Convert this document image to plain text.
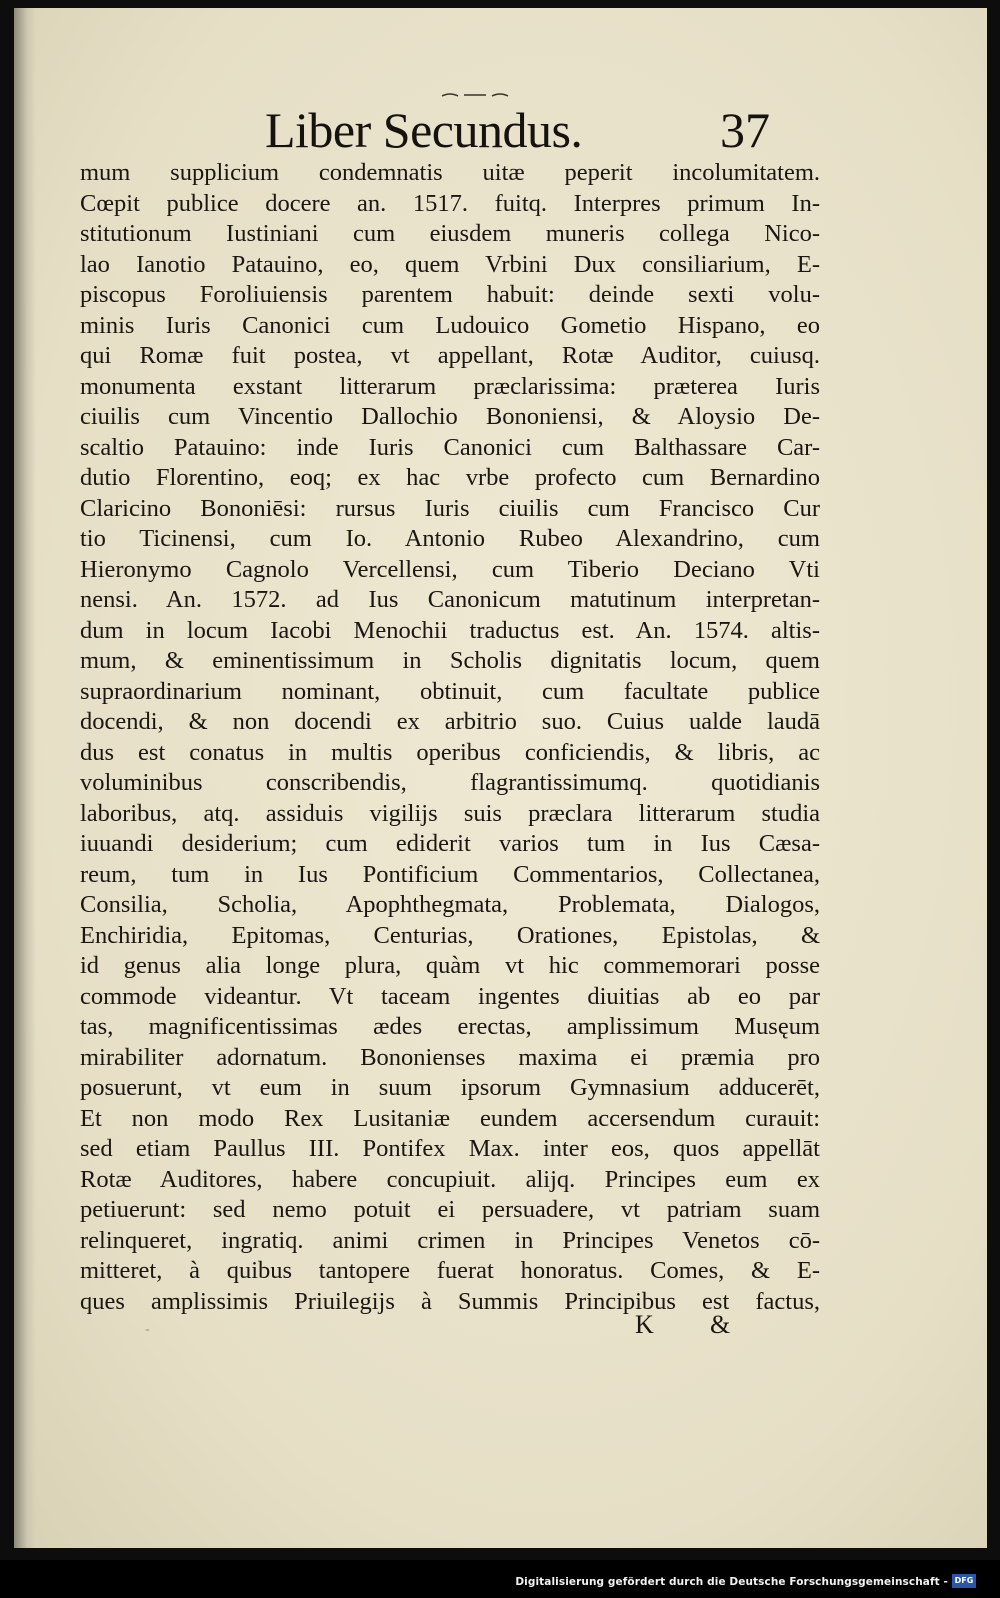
Liber Secundus.	37
mum supplicium condemnatis uitæ peperit incolumitatem.
Cœpit publice docere an. 1517. fuitq. Interpres primum In-
stitutionum Iustiniani cum eiusdem muneris collega Nico-
lao Ianotio Patauino, eo, quem Vrbini Dux consiliarium, E-
piscopus Foroliuiensis parentem habuit: deinde sexti volu-
minis Iuris Canonici cum Ludouico Gometio Hispano, eo
qui Romæ fuit postea, vt appellant, Rotæ Auditor, cuiusq.
monumenta exstant litterarum præclarissima: præterea Iuris
ciuilis cum Vincentio Dallochio Bononiensi, & Aloysio De-
scaltio Patauino: inde Iuris Canonici cum Balthassare Car-
dutio Florentino, eoq; ex hac vrbe profecto cum Bernardino
Claricino Bononiēsi: rursus Iuris ciuilis cum Francisco Cur
tio Ticinensi, cum Io. Antonio Rubeo Alexandrino, cum
Hieronymo Cagnolo Vercellensi, cum Tiberio Deciano Vti
nensi. An. 1572. ad Ius Canonicum matutinum interpretan-
dum in locum Iacobi Menochii traductus est. An. 1574. altis-
mum, & eminentissimum in Scholis dignitatis locum, quem
supraordinarium nominant, obtinuit, cum facultate publice
docendi, & non docendi ex arbitrio suo. Cuius ualde laudā
dus est conatus in multis operibus conficiendis, & libris, ac
voluminibus conscribendis, flagrantissimumq. quotidianis
laboribus, atq. assiduis vigilijs suis præclara litterarum studia
iuuandi desiderium; cum ediderit varios tum in Ius Cæsa-
reum, tum in Ius Pontificium Commentarios, Collectanea,
Consilia, Scholia, Apophthegmata, Problemata, Dialogos,
Enchiridia, Epitomas, Centurias, Orationes, Epistolas, &
id genus alia longe plura, quàm vt hic commemorari posse
commode videantur. Vt taceam ingentes diuitias ab eo par
tas, magnificentissimas ædes erectas, amplissimum Musęum
mirabiliter adornatum. Bononienses maxima ei præmia pro
posuerunt, vt eum in suum ipsorum Gymnasium adducerēt,
Et non modo Rex Lusitaniæ eundem accersendum curauit:
sed etiam Paullus III. Pontifex Max. inter eos, quos appellāt
Rotæ Auditores, habere concupiuit. alijq. Principes eum ex
petiuerunt: sed nemo potuit ei persuadere, vt patriam suam
relinqueret, ingratiq. animi crimen in Principes Venetos cō-
mitteret, à quibus tantopere fuerat honoratus. Comes, & E-
ques amplissimis Priuilegijs à Summis Principibus est factus,
-	K &
Digitalisierung gefördert durch die Deutsche Forschungsgemeinschaft - DFG
